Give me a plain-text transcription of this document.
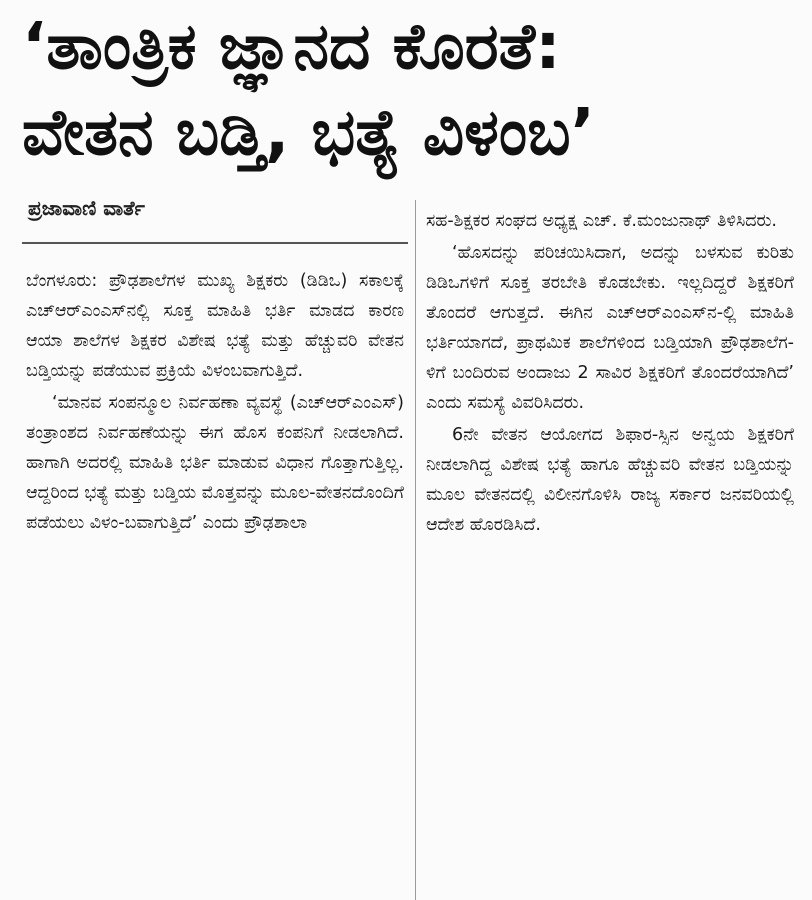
‘ತಾಂತ್ರಿಕ ಜ್ಞಾನದ ಕೊರತೆ:
ವೇತನ ಬಡ್ತಿ, ಭತ್ಯೆ ವಿಳಂಬ’
ಪ್ರಜಾವಾಣಿ ವಾರ್ತೆ

ಬೆಂಗಳೂರು: ಪ್ರೌಢಶಾಲೆಗಳ ಮುಖ್ಯ ಶಿಕ್ಷಕರು (ಡಿಡಿಒ) ಸಕಾಲಕ್ಕೆ ಎಚ್‌ಆರ್‌ಎಂಎಸ್‌ನಲ್ಲಿ ಸೂಕ್ತ ಮಾಹಿತಿ ಭರ್ತಿ ಮಾಡದ ಕಾರಣ ಆಯಾ ಶಾಲೆಗಳ ಶಿಕ್ಷಕರ ವಿಶೇಷ ಭತ್ಯೆ ಮತ್ತು ಹೆಚ್ಚುವರಿ ವೇತನ ಬಡ್ತಿಯನ್ನು ಪಡೆಯುವ ಪ್ರಕ್ರಿಯೆ ವಿಳಂಬವಾಗುತ್ತಿದೆ.

‘ಮಾನವ ಸಂಪನ್ಮೂಲ ನಿರ್ವಹಣಾ ವ್ಯವಸ್ಥೆ (ಎಚ್‌ಆರ್‌ಎಂಎಸ್) ತಂತ್ರಾಂಶದ ನಿರ್ವಹಣೆಯನ್ನು ಈಗ ಹೊಸ ಕಂಪನಿಗೆ ನೀಡಲಾಗಿದೆ. ಹಾಗಾಗಿ ಅದರಲ್ಲಿ ಮಾಹಿತಿ ಭರ್ತಿ ಮಾಡುವ ವಿಧಾನ ಗೊತ್ತಾಗುತ್ತಿಲ್ಲ. ಆದ್ದರಿಂದ ಭತ್ಯೆ ಮತ್ತು ಬಡ್ತಿಯ ಮೊತ್ತವನ್ನು ಮೂಲ-ವೇತನದೊಂದಿಗೆ ಪಡೆಯಲು ವಿಳಂ-ಬವಾಗುತ್ತಿದೆ’ ಎಂದು ಪ್ರೌಢಶಾಲಾ

ಸಹ-ಶಿಕ್ಷಕರ ಸಂಘದ ಅಧ್ಯಕ್ಷ ಎಚ್. ಕೆ.ಮಂಜುನಾಥ್ ತಿಳಿಸಿದರು.

‘ಹೊಸದನ್ನು ಪರಿಚಯಿಸಿದಾಗ, ಅದನ್ನು ಬಳಸುವ ಕುರಿತು ಡಿಡಿಒಗಳಿಗೆ ಸೂಕ್ತ ತರಬೇತಿ ಕೊಡಬೇಕು. ಇಲ್ಲದಿದ್ದರೆ ಶಿಕ್ಷಕರಿಗೆ ತೊಂದರೆ ಆಗುತ್ತದೆ. ಈಗಿನ ಎಚ್‌ಆರ್‌ಎಂಎಸ್‌ನ-ಲ್ಲಿ ಮಾಹಿತಿ ಭರ್ತಿಯಾಗದೆ, ಪ್ರಾಥಮಿಕ ಶಾಲೆಗಳಿಂದ ಬಡ್ತಿಯಾಗಿ ಪ್ರೌಢಶಾಲೆಗ-ಳಿಗೆ ಬಂದಿರುವ ಅಂದಾಜು 2 ಸಾವಿರ ಶಿಕ್ಷಕರಿಗೆ ತೊಂದರೆಯಾಗಿದೆ’ ಎಂದು ಸಮಸ್ಯೆ ವಿವರಿಸಿದರು.

6ನೇ ವೇತನ ಆಯೋಗದ ಶಿಫಾರ-ಸ್ಸಿನ ಅನ್ವಯ ಶಿಕ್ಷಕರಿಗೆ ನೀಡಲಾಗಿದ್ದ ವಿಶೇಷ ಭತ್ಯೆ ಹಾಗೂ ಹೆಚ್ಚುವರಿ ವೇತನ ಬಡ್ತಿಯನ್ನು ಮೂಲ ವೇತನದಲ್ಲಿ ವಿಲೀನಗೊಳಿಸಿ ರಾಜ್ಯ ಸರ್ಕಾರ ಜನವರಿಯಲ್ಲಿ ಆದೇಶ ಹೊರಡಿಸಿದೆ.
